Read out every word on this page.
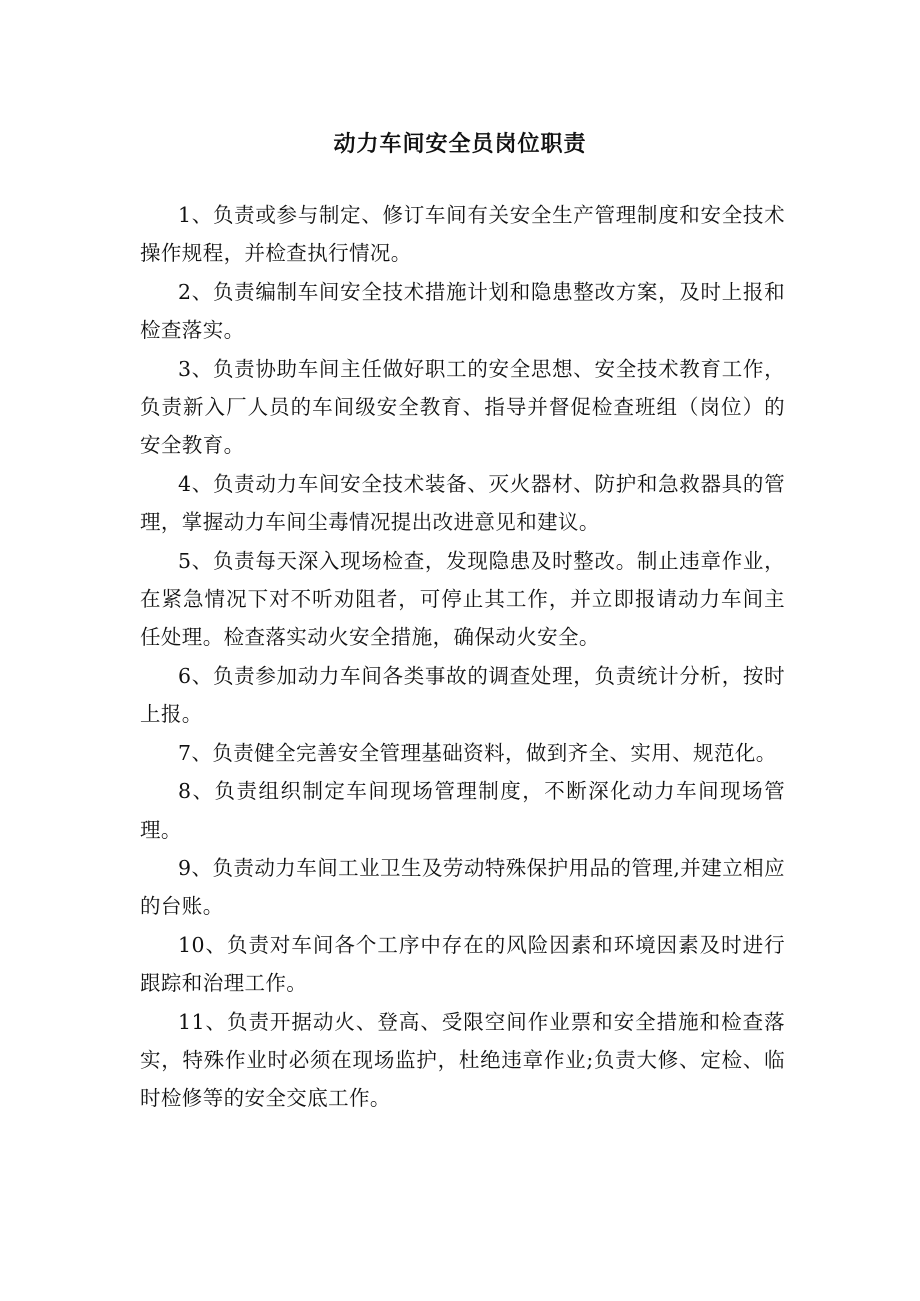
动力车间安全员岗位职责

1、负责或参与制定、修订车间有关安全生产管理制度和安全技术操作规程，并检查执行情况。

2、负责编制车间安全技术措施计划和隐患整改方案，及时上报和检查落实。

3、负责协助车间主任做好职工的安全思想、安全技术教育工作，负责新入厂人员的车间级安全教育、指导并督促检查班组（岗位）的安全教育。

4、负责动力车间安全技术装备、灭火器材、防护和急救器具的管理，掌握动力车间尘毒情况提出改进意见和建议。

5、负责每天深入现场检查，发现隐患及时整改。制止违章作业，在紧急情况下对不听劝阻者，可停止其工作，并立即报请动力车间主任处理。检查落实动火安全措施，确保动火安全。

6、负责参加动力车间各类事故的调查处理，负责统计分析，按时上报。

7、负责健全完善安全管理基础资料，做到齐全、实用、规范化。

8、负责组织制定车间现场管理制度，不断深化动力车间现场管理。

9、负责动力车间工业卫生及劳动特殊保护用品的管理,并建立相应的台账。

10、负责对车间各个工序中存在的风险因素和环境因素及时进行跟踪和治理工作。

11、负责开据动火、登高、受限空间作业票和安全措施和检查落实，特殊作业时必须在现场监护，杜绝违章作业;负责大修、定检、临时检修等的安全交底工作。
